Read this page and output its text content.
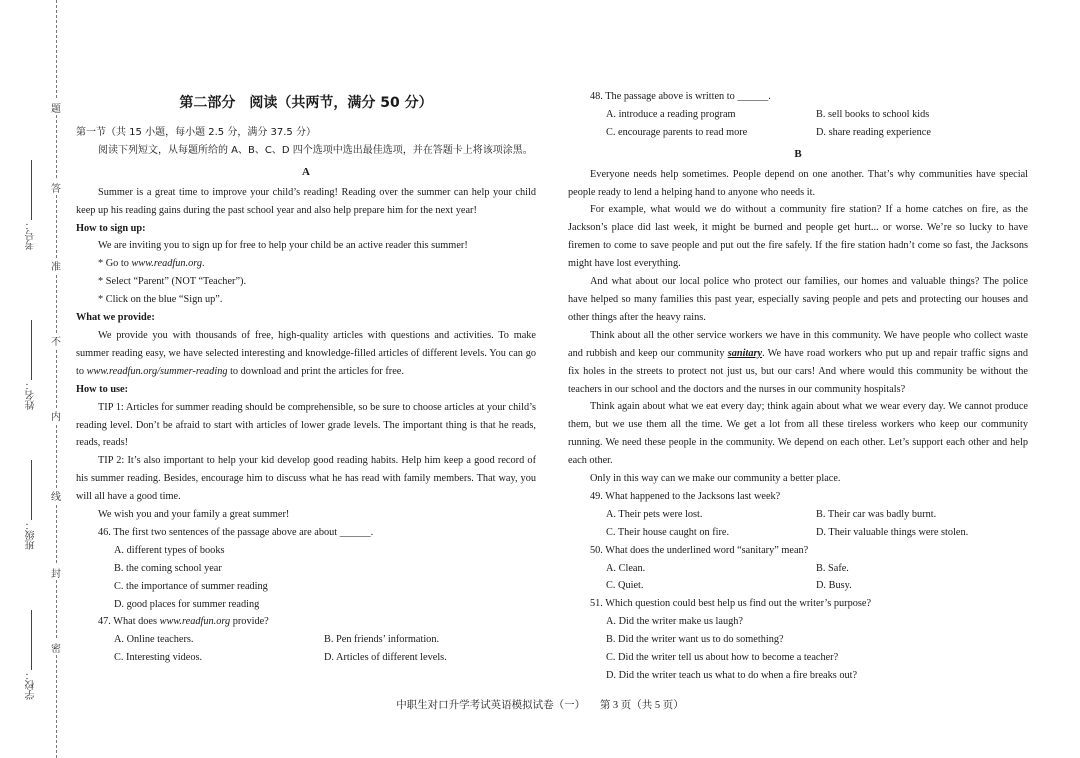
题
答
准
不
内
线
封
密
考号：
姓名：
班级：
学校：
第二部分　阅读（共两节，满分 50 分）

第一节（共 15 小题，每小题 2.5 分，满分 37.5 分）

阅读下列短文，从每题所给的 A、B、C、D 四个选项中选出最佳选项，并在答题卡上将该项涂黑。

A

Summer is a great time to improve your child’s reading! Reading over the summer can help your child keep up his reading gains during the past school year and also help prepare him for the next year!

How to sign up:

We are inviting you to sign up for free to help your child be an active reader this summer!

* Go to www.readfun.org.

* Select “Parent” (NOT “Teacher”).

* Click on the blue “Sign up”.

What we provide:

We provide you with thousands of free, high-quality articles with questions and activities. To make summer reading easy, we have selected interesting and knowledge-filled articles of different levels. You can go to www.readfun.org/summer-reading to download and print the articles for free.

How to use:

TIP 1: Articles for summer reading should be comprehensible, so be sure to choose articles at your child’s reading level. Don’t be afraid to start with articles of lower grade levels. The important thing is that he reads, reads, reads!

TIP 2: It’s also important to help your kid develop good reading habits. Help him keep a good record of his summer reading. Besides, encourage him to discuss what he has read with family members. That way, you will all have a good time.

We wish you and your family a great summer!

46. The first two sentences of the passage above are about ______.

A. different types of books

B. the coming school year

C. the importance of summer reading

D. good places for summer reading

47. What does www.readfun.org provide?

A. Online teachers.	B. Pen friends’ information.
C. Interesting videos.	D. Articles of different levels.

48. The passage above is written to ______.

A. introduce a reading program	B. sell books to school kids
C. encourage parents to read more	D. share reading experience
B

Everyone needs help sometimes. People depend on one another. That’s why communities have special people ready to lend a helping hand to anyone who needs it.

For example, what would we do without a community fire station? If a home catches on fire, as the Jackson’s place did last week, it might be burned and people get hurt... or worse. We’re so lucky to have firemen to come to save people and put out the fire safely. If the fire station hadn’t come so fast, the Jacksons might have lost everything.

And what about our local police who protect our families, our homes and valuable things? The police have helped so many families this past year, especially saving people and pets and protecting our houses and other things after the heavy rains.

Think about all the other service workers we have in this community. We have people who collect waste and rubbish and keep our community sanitary. We have road workers who put up and repair traffic signs and fix holes in the streets to protect not just us, but our cars! And where would this community be without the teachers in our school and the doctors and the nurses in our community hospitals?

Think again about what we eat every day; think again about what we wear every day. We cannot produce them, but we use them all the time. We get a lot from all these tireless workers who keep our community running. We need these people in the community. We depend on each other. Let’s support each other and help each other.

Only in this way can we make our community a better place.

49. What happened to the Jacksons last week?

A. Their pets were lost.	B. Their car was badly burnt.
C. Their house caught on fire.	D. Their valuable things were stolen.

50. What does the underlined word “sanitary” mean?

A. Clean.	B. Safe.
C. Quiet.	D. Busy.

51. Which question could best help us find out the writer’s purpose?

A. Did the writer make us laugh?

B. Did the writer want us to do something?

C. Did the writer tell us about how to become a teacher?

D. Did the writer teach us what to do when a fire breaks out?

中职生对口升学考试英语模拟试卷（一） 第 3 页（共 5 页）
